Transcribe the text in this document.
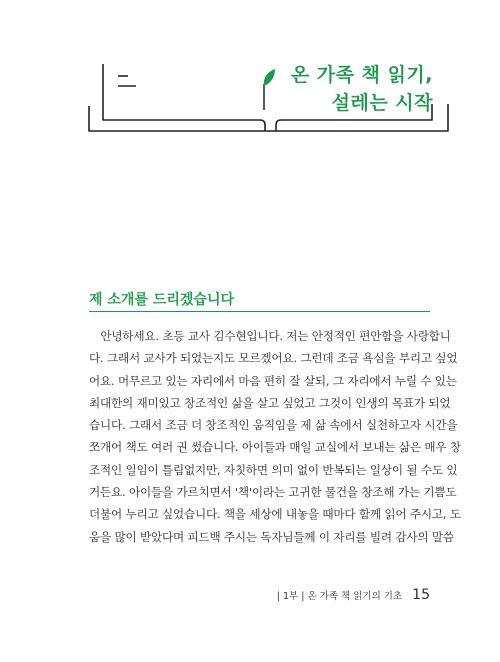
온 가족 책 읽기,
설레는 시작
제 소개를 드리겠습니다
　안녕하세요. 초등 교사 김수현입니다. 저는 안정적인 편안함을 사랑합니
다. 그래서 교사가 되었는지도 모르겠어요. 그런데 조금 욕심을 부리고 싶었
어요. 머무르고 있는 자리에서 마음 편히 잘 살되, 그 자리에서 누릴 수 있는
최대한의 재미있고 창조적인 삶을 살고 싶었고 그것이 인생의 목표가 되었
습니다. 그래서 조금 더 창조적인 움직임을 제 삶 속에서 실천하고자 시간을
쪼개어 책도 여러 권 썼습니다. 아이들과 매일 교실에서 보내는 삶은 매우 창
조적인 일임이 틀림없지만, 자칫하면 의미 없이 반복되는 일상이 될 수도 있
거든요. 아이들을 가르치면서 '책'이라는 고귀한 물건을 창조해 가는 기쁨도
더불어 누리고 싶었습니다. 책을 세상에 내놓을 때마다 함께 읽어 주시고, 도
움을 많이 받았다며 피드백 주시는 독자님들께 이 자리를 빌려 감사의 말씀
| 1부 | 온 가족 책 읽기의 기초 15
